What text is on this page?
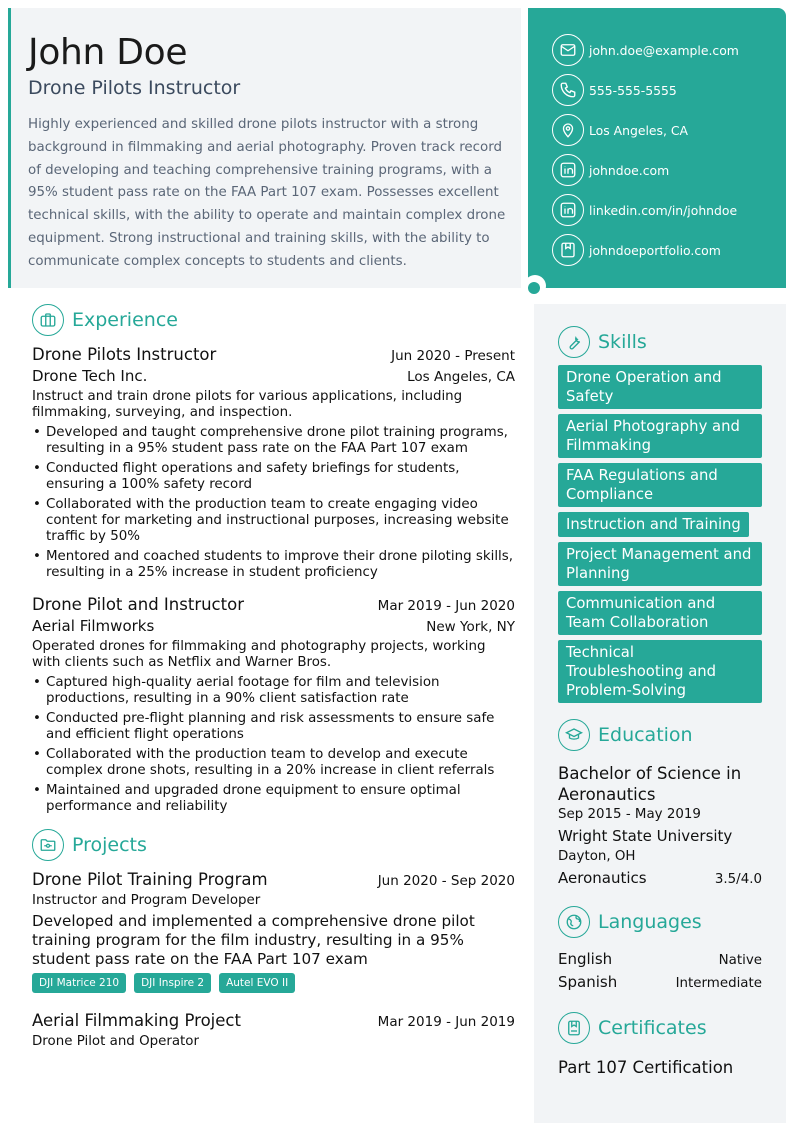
John Doe
Drone Pilots Instructor

Highly experienced and skilled drone pilots instructor with a strong background in filmmaking and aerial photography. Proven track record of developing and teaching comprehensive training programs, with a 95% student pass rate on the FAA Part 107 exam. Possesses excellent technical skills, with the ability to operate and maintain complex drone equipment. Strong instructional and training skills, with the ability to communicate complex concepts to students and clients.

john.doe@example.com
555-555-5555
Los Angeles, CA
johndoe.com
linkedin.com/in/johndoe
johndoeportfolio.com
Experience
Drone Pilots Instructor	Jun 2020 - Present
Drone Tech Inc.	Los Angeles, CA

Instruct and train drone pilots for various applications, including filmmaking, surveying, and inspection.

• Developed and taught comprehensive drone pilot training programs, resulting in a 95% student pass rate on the FAA Part 107 exam
• Conducted flight operations and safety briefings for students, ensuring a 100% safety record
• Collaborated with the production team to create engaging video content for marketing and instructional purposes, increasing website traffic by 50%
• Mentored and coached students to improve their drone piloting skills, resulting in a 25% increase in student proficiency
Drone Pilot and Instructor	Mar 2019 - Jun 2020
Aerial Filmworks	New York, NY

Operated drones for filmmaking and photography projects, working with clients such as Netflix and Warner Bros.

• Captured high-quality aerial footage for film and television productions, resulting in a 90% client satisfaction rate
• Conducted pre-flight planning and risk assessments to ensure safe and efficient flight operations
• Collaborated with the production team to develop and execute complex drone shots, resulting in a 20% increase in client referrals
• Maintained and upgraded drone equipment to ensure optimal performance and reliability
Projects
Drone Pilot Training Program	Jun 2020 - Sep 2020
Instructor and Program Developer

Developed and implemented a comprehensive drone pilot training program for the film industry, resulting in a 95% student pass rate on the FAA Part 107 exam

DJI Matrice 210	DJI Inspire 2	Autel EVO II
Aerial Filmmaking Project	Mar 2019 - Jun 2019
Drone Pilot and Operator
Skills
Drone Operation and Safety
Aerial Photography and Filmmaking
FAA Regulations and Compliance
Instruction and Training
Project Management and Planning
Communication and Team Collaboration
Technical Troubleshooting and Problem-Solving
Education
Bachelor of Science in Aeronautics
Sep 2015 - May 2019
Wright State University
Dayton, OH
Aeronautics	3.5/4.0
Languages
English	Native
Spanish	Intermediate
Certificates
Part 107 Certification
